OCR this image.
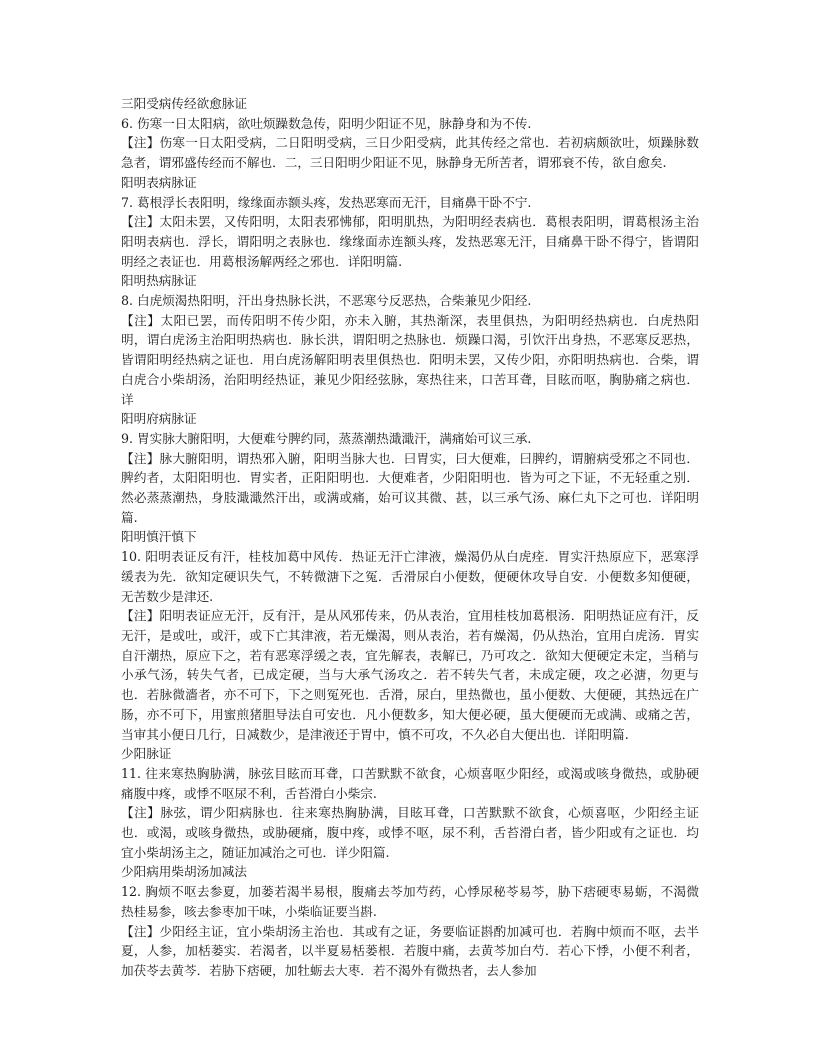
三阳受病传经欲愈脉证

6. 伤寒一日太阳病，欲吐烦躁数急传，阳明少阳证不见，脉静身和为不传.

【注】伤寒一日太阳受病，二日阳明受病，三日少阳受病，此其传经之常也．若初病颇欲吐，烦躁脉数急者，谓邪盛传经而不解也．二，三日阳明少阳证不见，脉静身无所苦者，谓邪衰不传，欲自愈矣.

阳明表病脉证

7. 葛根浮长表阳明，缘缘面赤额头疼，发热恶寒而无汗，目痛鼻干卧不宁.

【注】太阳未罢，又传阳明，太阳表邪怫郁，阳明肌热，为阳明经表病也．葛根表阳明，谓葛根汤主治阳明表病也．浮长，谓阳明之表脉也．缘缘面赤连额头疼，发热恶寒无汗，目痛鼻干卧不得宁，皆谓阳明经之表证也．用葛根汤解两经之邪也．详阳明篇.

阳明热病脉证

8. 白虎烦渴热阳明，汗出身热脉长洪，不恶寒兮反恶热，合柴兼见少阳经.

【注】太阳已罢，而传阳明不传少阳，亦未入腑，其热渐深，表里俱热，为阳明经热病也．白虎热阳明，谓白虎汤主治阳明热病也．脉长洪，谓阳明之热脉也．烦躁口渴，引饮汗出身热，不恶寒反恶热，皆谓阳明经热病之证也．用白虎汤解阳明表里俱热也．阳明未罢，又传少阳，亦阳明热病也．合柴，谓白虎合小柴胡汤，治阳明经热证，兼见少阳经弦脉，寒热往来，口苦耳聋，目眩而呕，胸胁痛之病也．详

阳明府病脉证

9. 胃实脉大腑阳明，大便难兮脾约同，蒸蒸潮热濈濈汗，满痛始可议三承.

【注】脉大腑阳明，谓热邪入腑，阳明当脉大也．曰胃实，曰大便难，曰脾约，谓腑病受邪之不同也．脾约者，太阳阳明也．胃实者，正阳阳明也．大便难者，少阳阳明也．皆为可之下证，不无轻重之别．然必蒸蒸潮热，身肢濈濈然汗出，或满或痛，始可议其微、甚，以三承气汤、麻仁丸下之可也．详阳明篇.

阳明慎汗慎下

10. 阳明表证反有汗，桂枝加葛中风传．热证无汗亡津液，燥渴仍从白虎痊．胃实汗热原应下，恶寒浮缓表为先．欲知定硬识失气，不转微溏下之冤．舌滑尿白小便数，便硬休攻导自安．小便数多知便硬，无苦数少是津还.

【注】阳明表证应无汗，反有汗，是从风邪传来，仍从表治，宜用桂枝加葛根汤．阳明热证应有汗，反无汗，是或吐，或汗，或下亡其津液，若无燥渴，则从表治，若有燥渴，仍从热治，宜用白虎汤．胃实自汗潮热，原应下之，若有恶寒浮缓之表，宜先解表，表解已，乃可攻之．欲知大便硬定未定，当稍与小承气汤，转失气者，已成定硬，当与大承气汤攻之．若不转失气者，未成定硬，攻之必溏，勿更与也．若脉微濇者，亦不可下，下之则冤死也．舌滑，尿白，里热微也，虽小便数、大便硬，其热远在广肠，亦不可下，用蜜煎猪胆导法自可安也．凡小便数多，知大便必硬，虽大便硬而无或满、或痛之苦，当审其小便日几行，日减数少，是津液还于胃中，慎不可攻，不久必自大便出也．详阳明篇.

少阳脉证

11. 往来寒热胸胁满，脉弦目眩而耳聋，口苦默默不欲食，心烦喜呕少阳经，或渴或咳身微热，或胁硬痛腹中疼，或悸不呕尿不利，舌苔滑白小柴宗.

【注】脉弦，谓少阳病脉也．往来寒热胸胁满，目眩耳聋，口苦默默不欲食，心烦喜呕，少阳经主证也．或渴，或咳身微热，或胁硬痛，腹中疼，或悸不呕，尿不利，舌苔滑白者，皆少阳或有之证也．均宜小柴胡汤主之，随证加减治之可也．详少阳篇.

少阳病用柴胡汤加减法

12. 胸烦不呕去参夏，加蒌若渴半易根，腹痛去芩加芍药，心悸尿秘苓易芩，胁下痞硬枣易蛎，不渴微热桂易参，咳去参枣加干味，小柴临证要当斟.

【注】少阳经主证，宜小柴胡汤主治也．其或有之证，务要临证斟酌加减可也．若胸中烦而不呕，去半夏，人参，加栝蒌实．若渴者，以半夏易栝蒌根．若腹中痛，去黄芩加白芍．若心下悸，小便不利者，加茯苓去黄芩．若胁下痞硬，加牡蛎去大枣．若不渴外有微热者，去人参加
